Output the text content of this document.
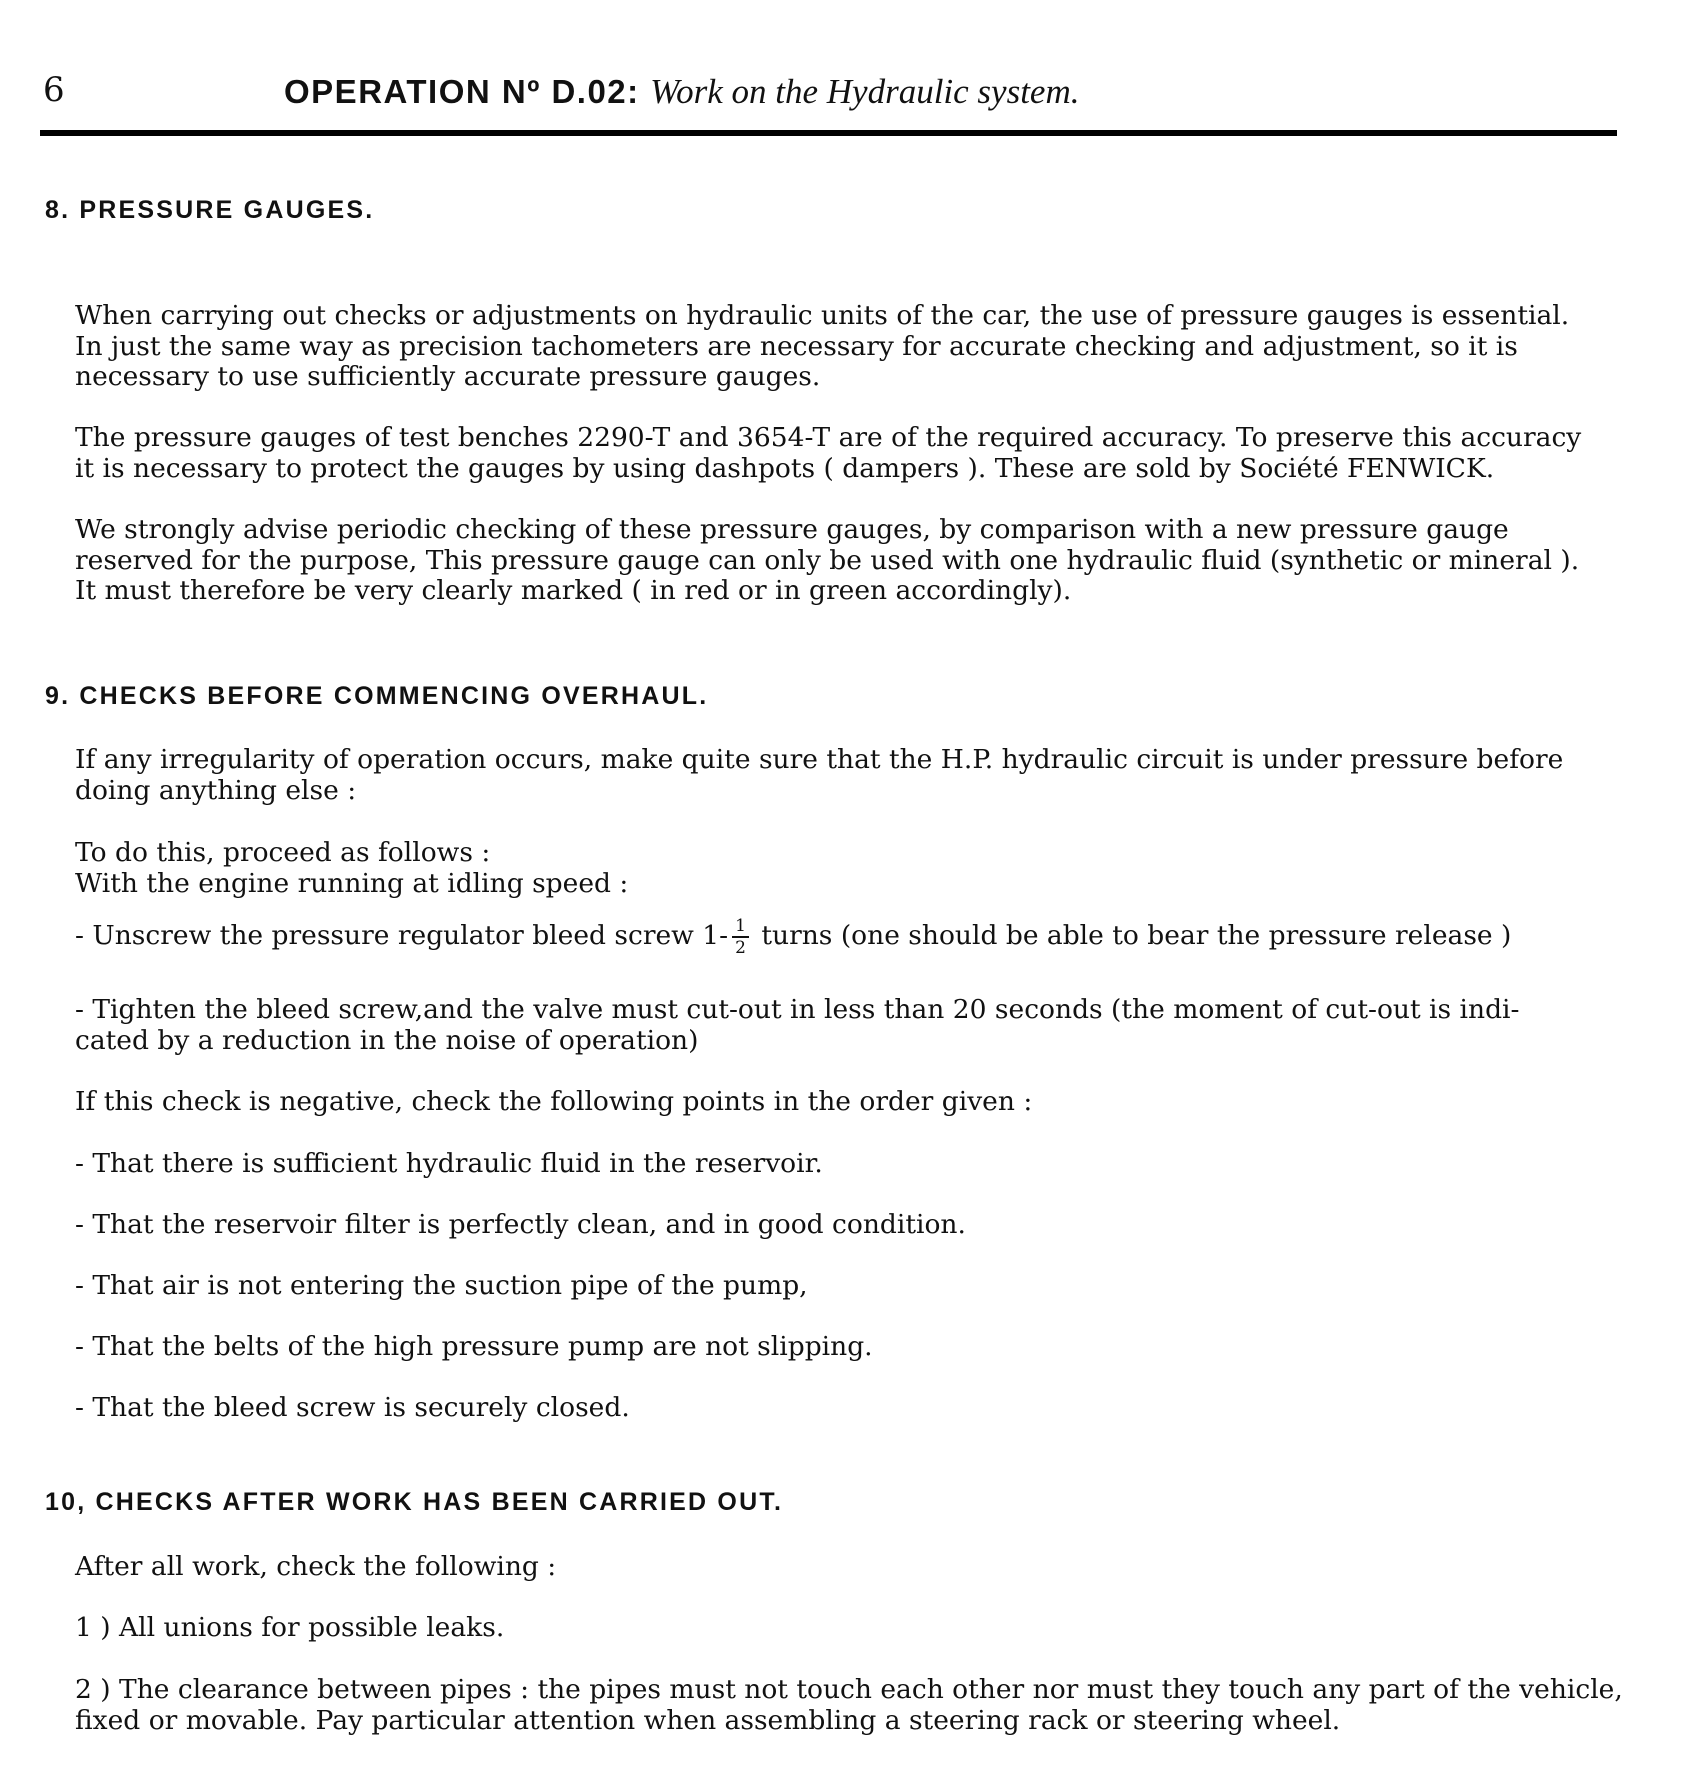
6	OPERATION Nº D.02: Work on the Hydraulic system.
8. PRESSURE GAUGES.
When carrying out checks or adjustments on hydraulic units of the car, the use of pressure gauges is essential.
In just the same way as precision tachometers are necessary for accurate checking and adjustment, so it is
necessary to use sufficiently accurate pressure gauges.
The pressure gauges of test benches 2290-T and 3654-T are of the required accuracy. To preserve this accuracy
it is necessary to protect the gauges by using dashpots ( dampers ). These are sold by Société FENWICK.
We strongly advise periodic checking of these pressure gauges, by comparison with a new pressure gauge
reserved for the purpose, This pressure gauge can only be used with one hydraulic fluid (synthetic or mineral ).
It must therefore be very clearly marked ( in red or in green accordingly).
9. CHECKS BEFORE COMMENCING OVERHAUL.
If any irregularity of operation occurs, make quite sure that the H.P. hydraulic circuit is under pressure before
doing anything else :
To do this, proceed as follows :
With the engine running at idling speed :
- Unscrew the pressure regulator bleed screw $1- \frac{1}{2}$ turns (one should be able to bear the pressure release )
- Tighten the bleed screw,and the valve must cut-out in less than 20 seconds (the moment of cut-out is indi-
cated by a reduction in the noise of operation)
If this check is negative, check the following points in the order given :
- That there is sufficient hydraulic fluid in the reservoir.
- That the reservoir filter is perfectly clean, and in good condition.
- That air is not entering the suction pipe of the pump,
- That the belts of the high pressure pump are not slipping.
- That the bleed screw is securely closed.
10, CHECKS AFTER WORK HAS BEEN CARRIED OUT.
After all work, check the following :
1 ) All unions for possible leaks.
2 ) The clearance between pipes : the pipes must not touch each other nor must they touch any part of the vehicle,
fixed or movable. Pay particular attention when assembling a steering rack or steering wheel.
